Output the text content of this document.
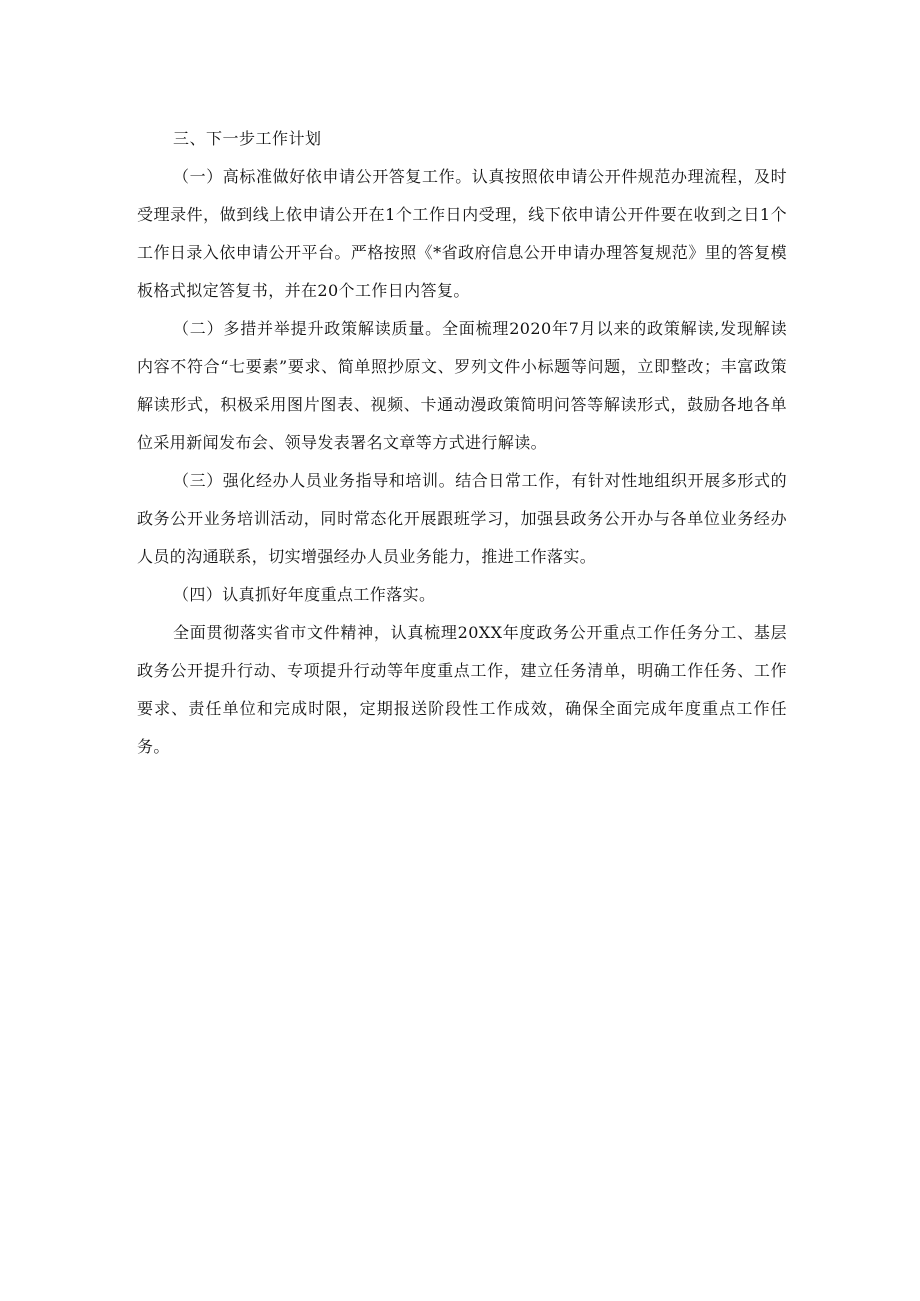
三、下一步工作计划

（一）高标准做好依申请公开答复工作。认真按照依申请公开件规范办理流程，及时受理录件，做到线上依申请公开在1个工作日内受理，线下依申请公开件要在收到之日1个工作日录入依申请公开平台。严格按照《*省政府信息公开申请办理答复规范》里的答复模板格式拟定答复书，并在20个工作日内答复。

（二）多措并举提升政策解读质量。全面梳理2020年7月以来的政策解读,发现解读内容不符合“七要素”要求、简单照抄原文、罗列文件小标题等问题，立即整改；丰富政策解读形式，积极采用图片图表、视频、卡通动漫政策简明问答等解读形式，鼓励各地各单位采用新闻发布会、领导发表署名文章等方式进行解读。

（三）强化经办人员业务指导和培训。结合日常工作，有针对性地组织开展多形式的政务公开业务培训活动，同时常态化开展跟班学习，加强县政务公开办与各单位业务经办人员的沟通联系，切实增强经办人员业务能力，推进工作落实。

（四）认真抓好年度重点工作落实。

全面贯彻落实省市文件精神，认真梳理20XX年度政务公开重点工作任务分工、基层政务公开提升行动、专项提升行动等年度重点工作，建立任务清单，明确工作任务、工作要求、责任单位和完成时限，定期报送阶段性工作成效，确保全面完成年度重点工作任务。
